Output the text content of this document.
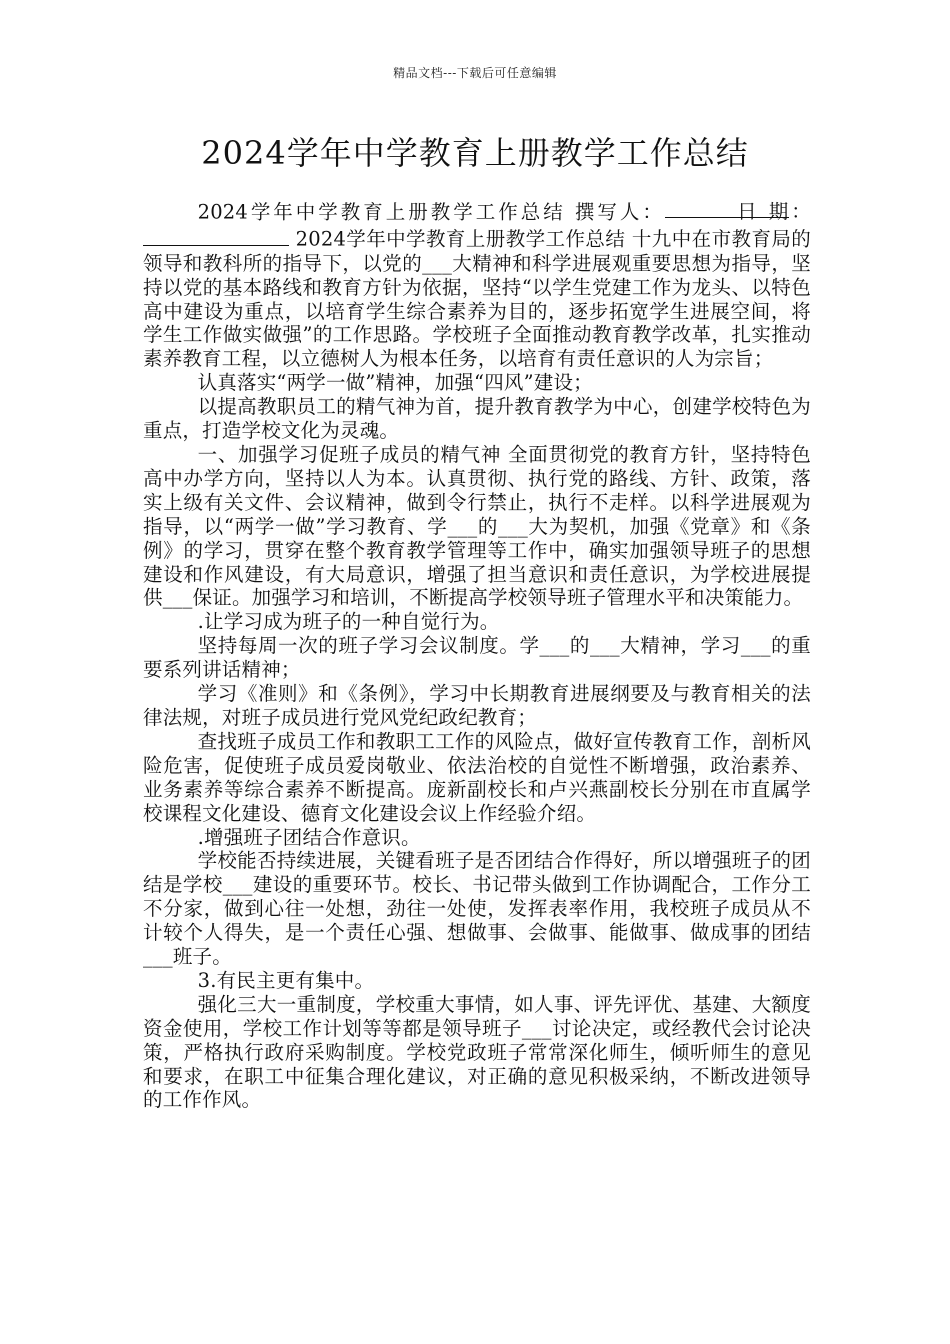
精品文档---下载后可任意编辑
2024学年中学教育上册教学工作总结

2024学年中学教育上册教学工作总结 撰写人：	日 期： 2024学年中学教育上册教学工作总结 十九中在市教育局的领导和教科所的指导下，以党的___大精神和科学进展观重要思想为指导，坚持以党的基本路线和教育方针为依据，坚持“以学生党建工作为龙头、以特色高中建设为重点，以培育学生综合素养为目的，逐步拓宽学生进展空间，将学生工作做实做强”的工作思路。学校班子全面推动教育教学改革，扎实推动素养教育工程，以立德树人为根本任务，以培育有责任意识的人为宗旨；

认真落实“两学一做”精神，加强“四风”建设；

以提高教职员工的精气神为首，提升教育教学为中心，创建学校特色为重点，打造学校文化为灵魂。

一、加强学习促班子成员的精气神 全面贯彻党的教育方针，坚持特色高中办学方向，坚持以人为本。认真贯彻、执行党的路线、方针、政策，落实上级有关文件、会议精神，做到令行禁止，执行不走样。以科学进展观为指导，以“两学一做”学习教育、学___的___大为契机，加强《党章》和《条例》的学习，贯穿在整个教育教学管理等工作中，确实加强领导班子的思想建设和作风建设，有大局意识，增强了担当意识和责任意识，为学校进展提供___保证。加强学习和培训，不断提高学校领导班子管理水平和决策能力。

.让学习成为班子的一种自觉行为。

坚持每周一次的班子学习会议制度。学___的___大精神，学习___的重要系列讲话精神；

学习《准则》和《条例》，学习中长期教育进展纲要及与教育相关的法律法规，对班子成员进行党风党纪政纪教育；

查找班子成员工作和教职工工作的风险点，做好宣传教育工作，剖析风险危害，促使班子成员爱岗敬业、依法治校的自觉性不断增强，政治素养、业务素养等综合素养不断提高。庞新副校长和卢兴燕副校长分别在市直属学校课程文化建设、德育文化建设会议上作经验介绍。

.增强班子团结合作意识。

学校能否持续进展，关键看班子是否团结合作得好，所以增强班子的团结是学校___建设的重要环节。校长、书记带头做到工作协调配合，工作分工不分家，做到心往一处想，劲往一处使，发挥表率作用，我校班子成员从不计较个人得失，是一个责任心强、想做事、会做事、能做事、做成事的团结___班子。

3.有民主更有集中。

强化三大一重制度，学校重大事情，如人事、评先评优、基建、大额度资金使用，学校工作计划等等都是领导班子___讨论决定，或经教代会讨论决策，严格执行政府采购制度。学校党政班子常常深化师生，倾听师生的意见和要求，在职工中征集合理化建议，对正确的意见积极采纳，不断改进领导的工作作风。
